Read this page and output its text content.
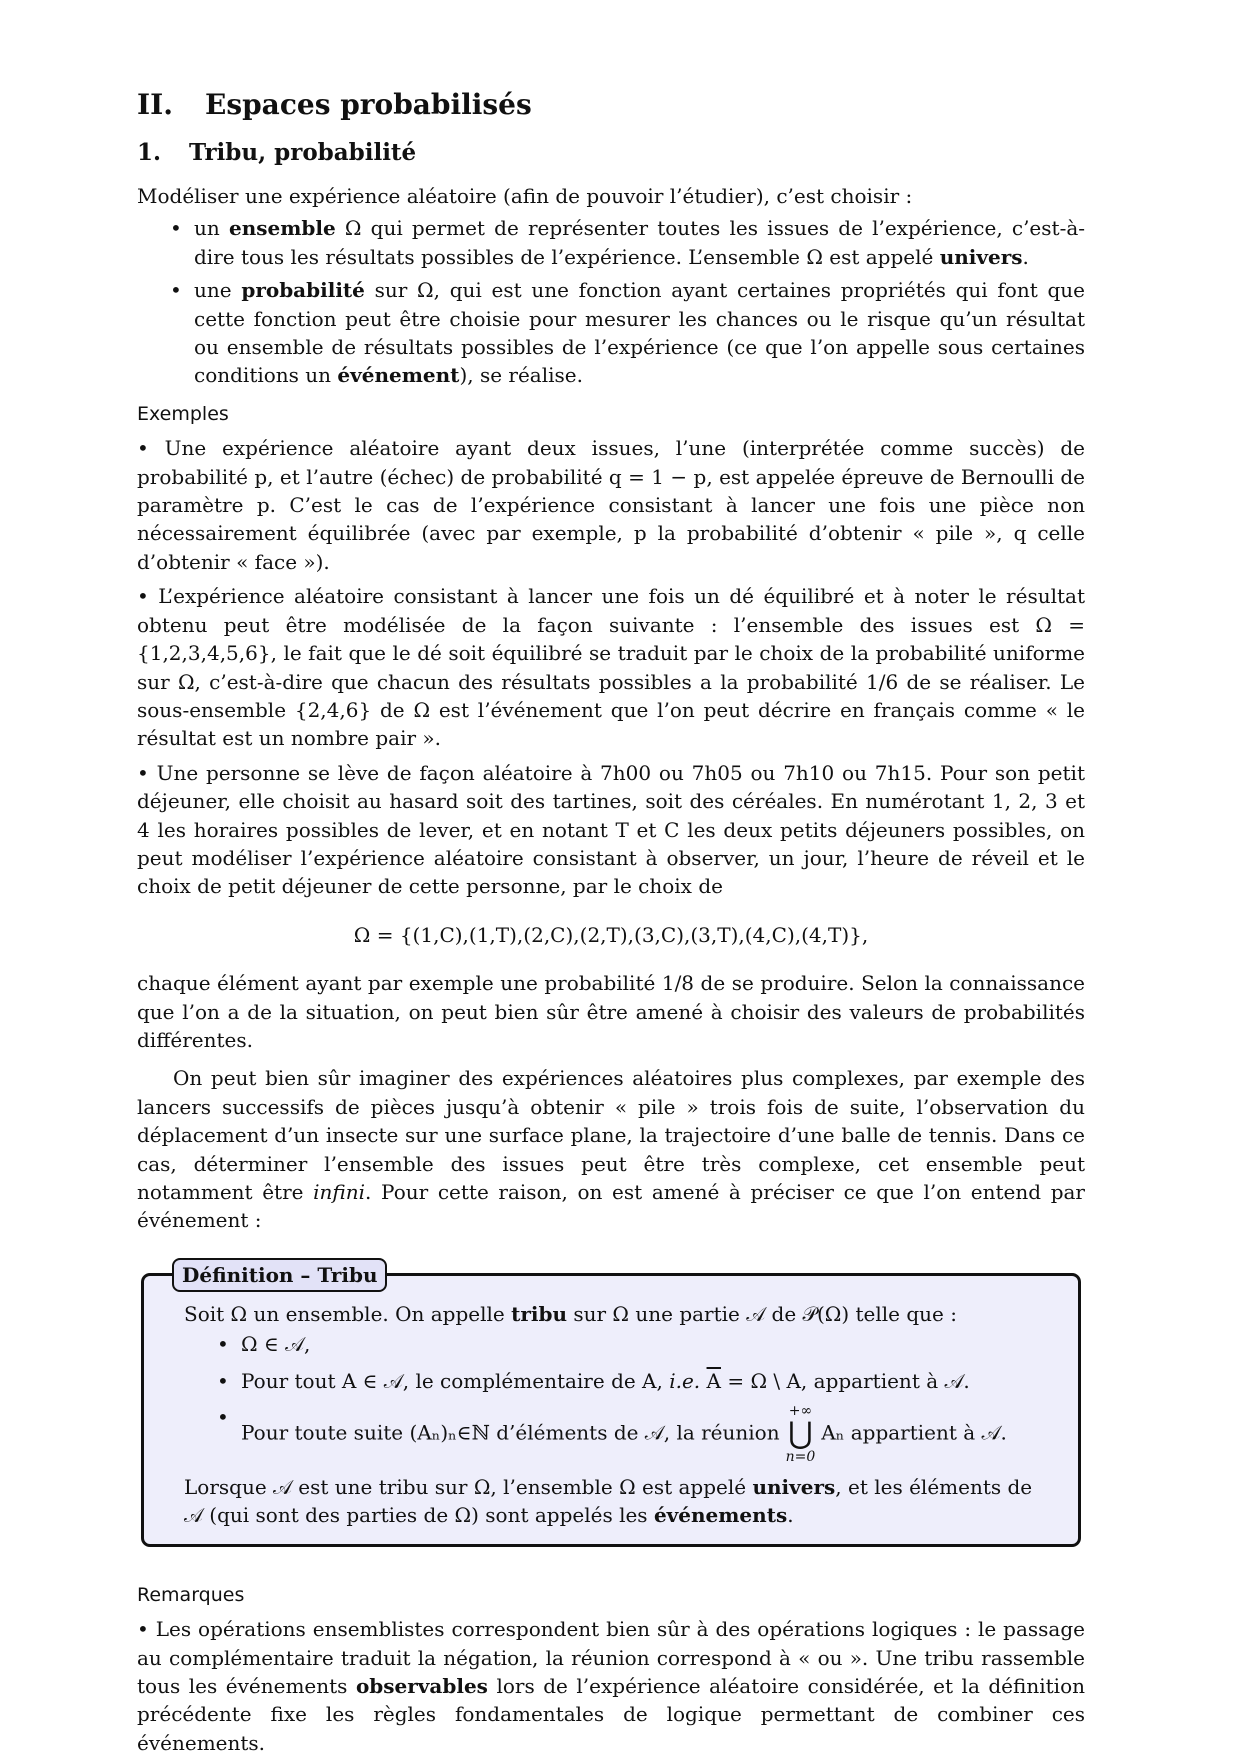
II. Espaces probabilisés
1. Tribu, probabilité

Modéliser une expérience aléatoire (afin de pouvoir l’étudier), c’est choisir :

• un ensemble Ω qui permet de représenter toutes les issues de l’expérience, c’est-à-dire tous les résultats possibles de l’expérience. L’ensemble Ω est appelé univers.
• une probabilité sur Ω, qui est une fonction ayant certaines propriétés qui font que cette fonction peut être choisie pour mesurer les chances ou le risque qu’un résultat ou ensemble de résultats possibles de l’expérience (ce que l’on appelle sous certaines conditions un événement), se réalise.
Exemples

• Une expérience aléatoire ayant deux issues, l’une (interprétée comme succès) de probabilité p, et l’autre (échec) de probabilité q = 1 − p, est appelée épreuve de Bernoulli de paramètre p. C’est le cas de l’expérience consistant à lancer une fois une pièce non nécessairement équilibrée (avec par exemple, p la probabilité d’obtenir « pile », q celle d’obtenir « face »).

• L’expérience aléatoire consistant à lancer une fois un dé équilibré et à noter le résultat obtenu peut être modélisée de la façon suivante : l’ensemble des issues est Ω = {1,2,3,4,5,6}, le fait que le dé soit équilibré se traduit par le choix de la probabilité uniforme sur Ω, c’est-à-dire que chacun des résultats possibles a la probabilité 1/6 de se réaliser. Le sous-ensemble {2,4,6} de Ω est l’événement que l’on peut décrire en français comme « le résultat est un nombre pair ».

• Une personne se lève de façon aléatoire à 7h00 ou 7h05 ou 7h10 ou 7h15. Pour son petit déjeuner, elle choisit au hasard soit des tartines, soit des céréales. En numérotant 1, 2, 3 et 4 les horaires possibles de lever, et en notant T et C les deux petits déjeuners possibles, on peut modéliser l’expérience aléatoire consistant à observer, un jour, l’heure de réveil et le choix de petit déjeuner de cette personne, par le choix de

Ω = {(1,C),(1,T),(2,C),(2,T),(3,C),(3,T),(4,C),(4,T)},

chaque élément ayant par exemple une probabilité 1/8 de se produire. Selon la connaissance que l’on a de la situation, on peut bien sûr être amené à choisir des valeurs de probabilités différentes.

On peut bien sûr imaginer des expériences aléatoires plus complexes, par exemple des lancers successifs de pièces jusqu’à obtenir « pile » trois fois de suite, l’observation du déplacement d’un insecte sur une surface plane, la trajectoire d’une balle de tennis. Dans ce cas, déterminer l’ensemble des issues peut être très complexe, cet ensemble peut notamment être infini. Pour cette raison, on est amené à préciser ce que l’on entend par événement :

Définition – Tribu

Soit Ω un ensemble. On appelle tribu sur Ω une partie 𝒜 de 𝒫(Ω) telle que :

• Ω ∈ 𝒜,
• Pour tout A ∈ 𝒜, le complémentaire de A, i.e. $\overline{A} = \Omega$ \ A, appartient à 𝒜.
• Pour toute suite (Aₙ)ₙ∈ℕ d’éléments de 𝒜, la réunion
+∞
⋃
n=0
Aₙ appartient à 𝒜.

Lorsque 𝒜 est une tribu sur Ω, l’ensemble Ω est appelé univers, et les éléments de 𝒜 (qui sont des parties de Ω) sont appelés les événements.

Remarques

• Les opérations ensemblistes correspondent bien sûr à des opérations logiques : le passage au complémentaire traduit la négation, la réunion correspond à « ou ». Une tribu rassemble tous les événements observables lors de l’expérience aléatoire considérée, et la définition précédente fixe les règles fondamentales de logique permettant de combiner ces événements.
